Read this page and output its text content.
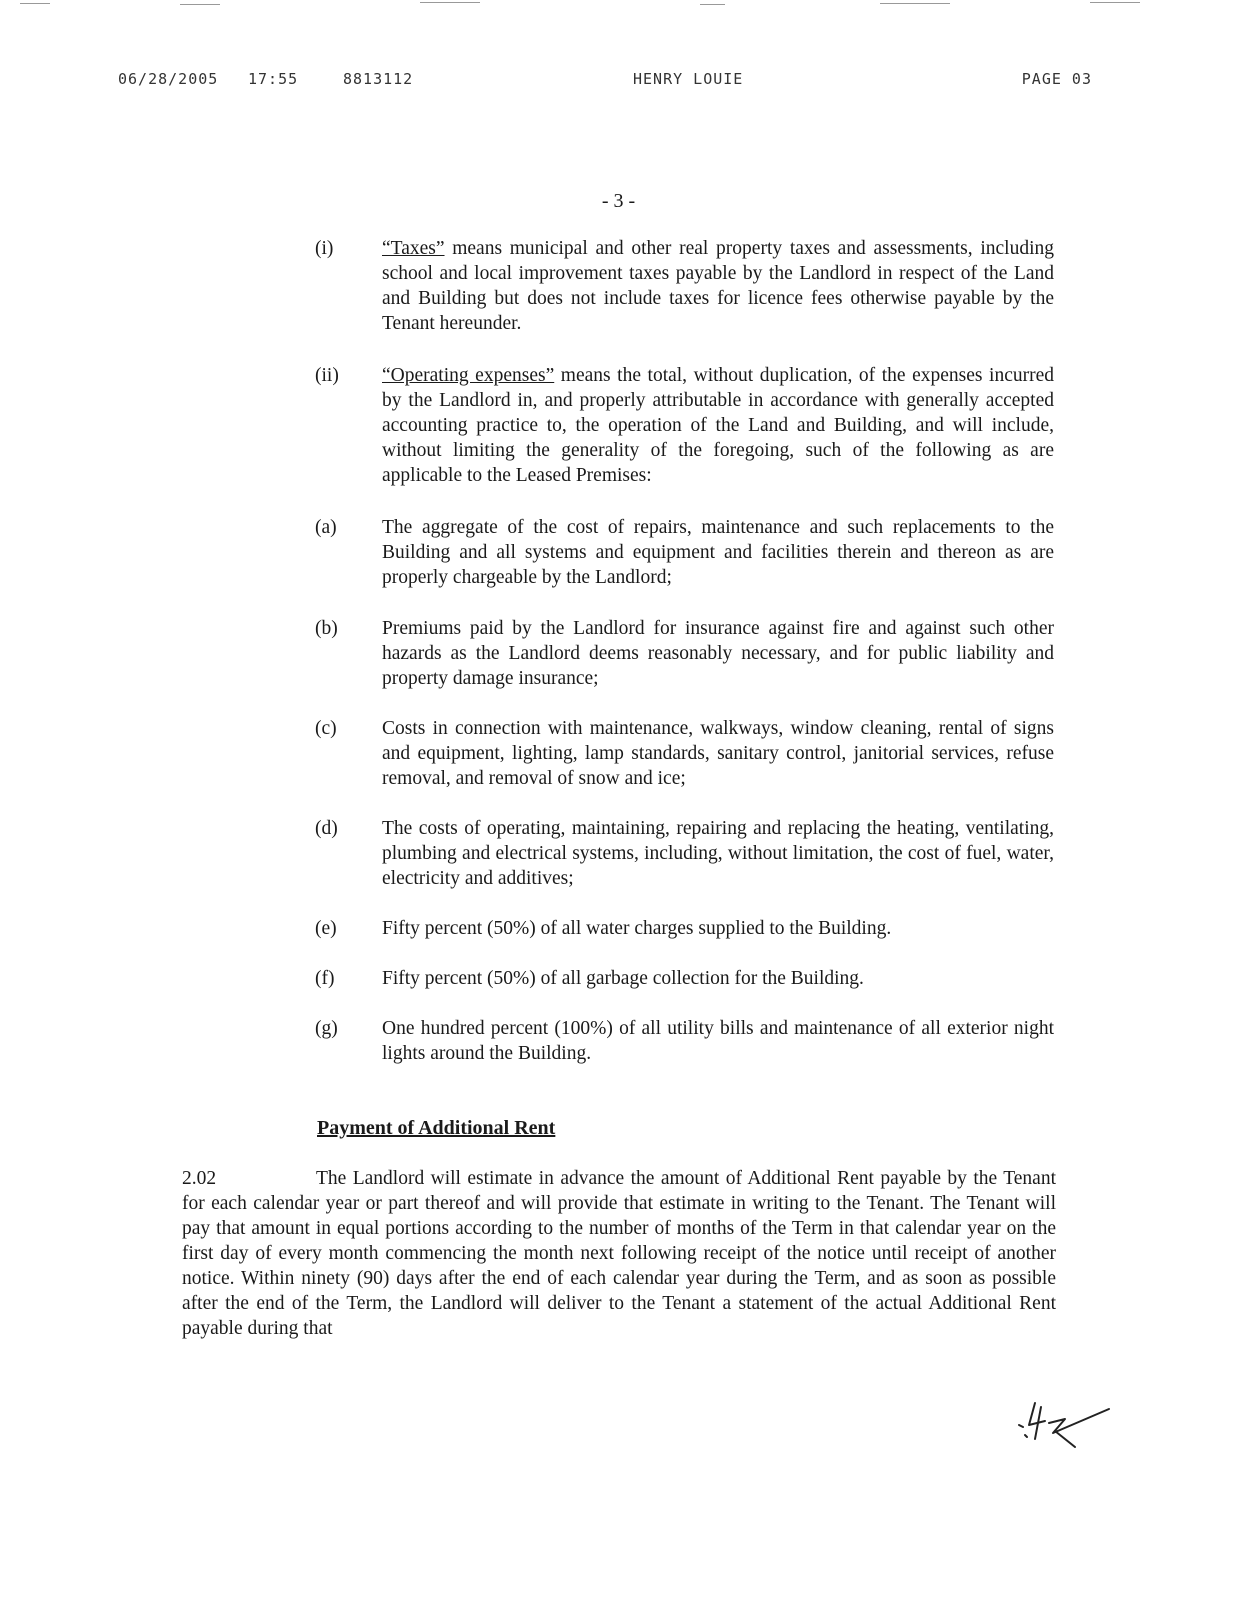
06/28/2005 17:55	8813112	HENRY LOUIE	PAGE 03
- 3 -
(i) “Taxes” means municipal and other real property taxes and assessments, including school and local improvement taxes payable by the Landlord in respect of the Land and Building but does not include taxes for licence fees otherwise payable by the Tenant hereunder.
(ii) “Operating expenses” means the total, without duplication, of the expenses incurred by the Landlord in, and properly attributable in accordance with generally accepted accounting practice to, the operation of the Land and Building, and will include, without limiting the generality of the foregoing, such of the following as are applicable to the Leased Premises:
(a) The aggregate of the cost of repairs, maintenance and such replacements to the Building and all systems and equipment and facilities therein and thereon as are properly chargeable by the Landlord;
(b) Premiums paid by the Landlord for insurance against fire and against such other hazards as the Landlord deems reasonably necessary, and for public liability and property damage insurance;
(c) Costs in connection with maintenance, walkways, window cleaning, rental of signs and equipment, lighting, lamp standards, sanitary control, janitorial services, refuse removal, and removal of snow and ice;
(d) The costs of operating, maintaining, repairing and replacing the heating, ventilating, plumbing and electrical systems, including, without limitation, the cost of fuel, water, electricity and additives;
(e) Fifty percent (50%) of all water charges supplied to the Building.
(f) Fifty percent (50%) of all garbage collection for the Building.
(g) One hundred percent (100%) of all utility bills and maintenance of all exterior night lights around the Building.
Payment of Additional Rent
2.02	The Landlord will estimate in advance the amount of Additional Rent payable by the Tenant for each calendar year or part thereof and will provide that estimate in writing to the Tenant. The Tenant will pay that amount in equal portions according to the number of months of the Term in that calendar year on the first day of every month commencing the month next following receipt of the notice until receipt of another notice. Within ninety (90) days after the end of each calendar year during the Term, and as soon as possible after the end of the Term, the Landlord will deliver to the Tenant a statement of the actual Additional Rent payable during that
